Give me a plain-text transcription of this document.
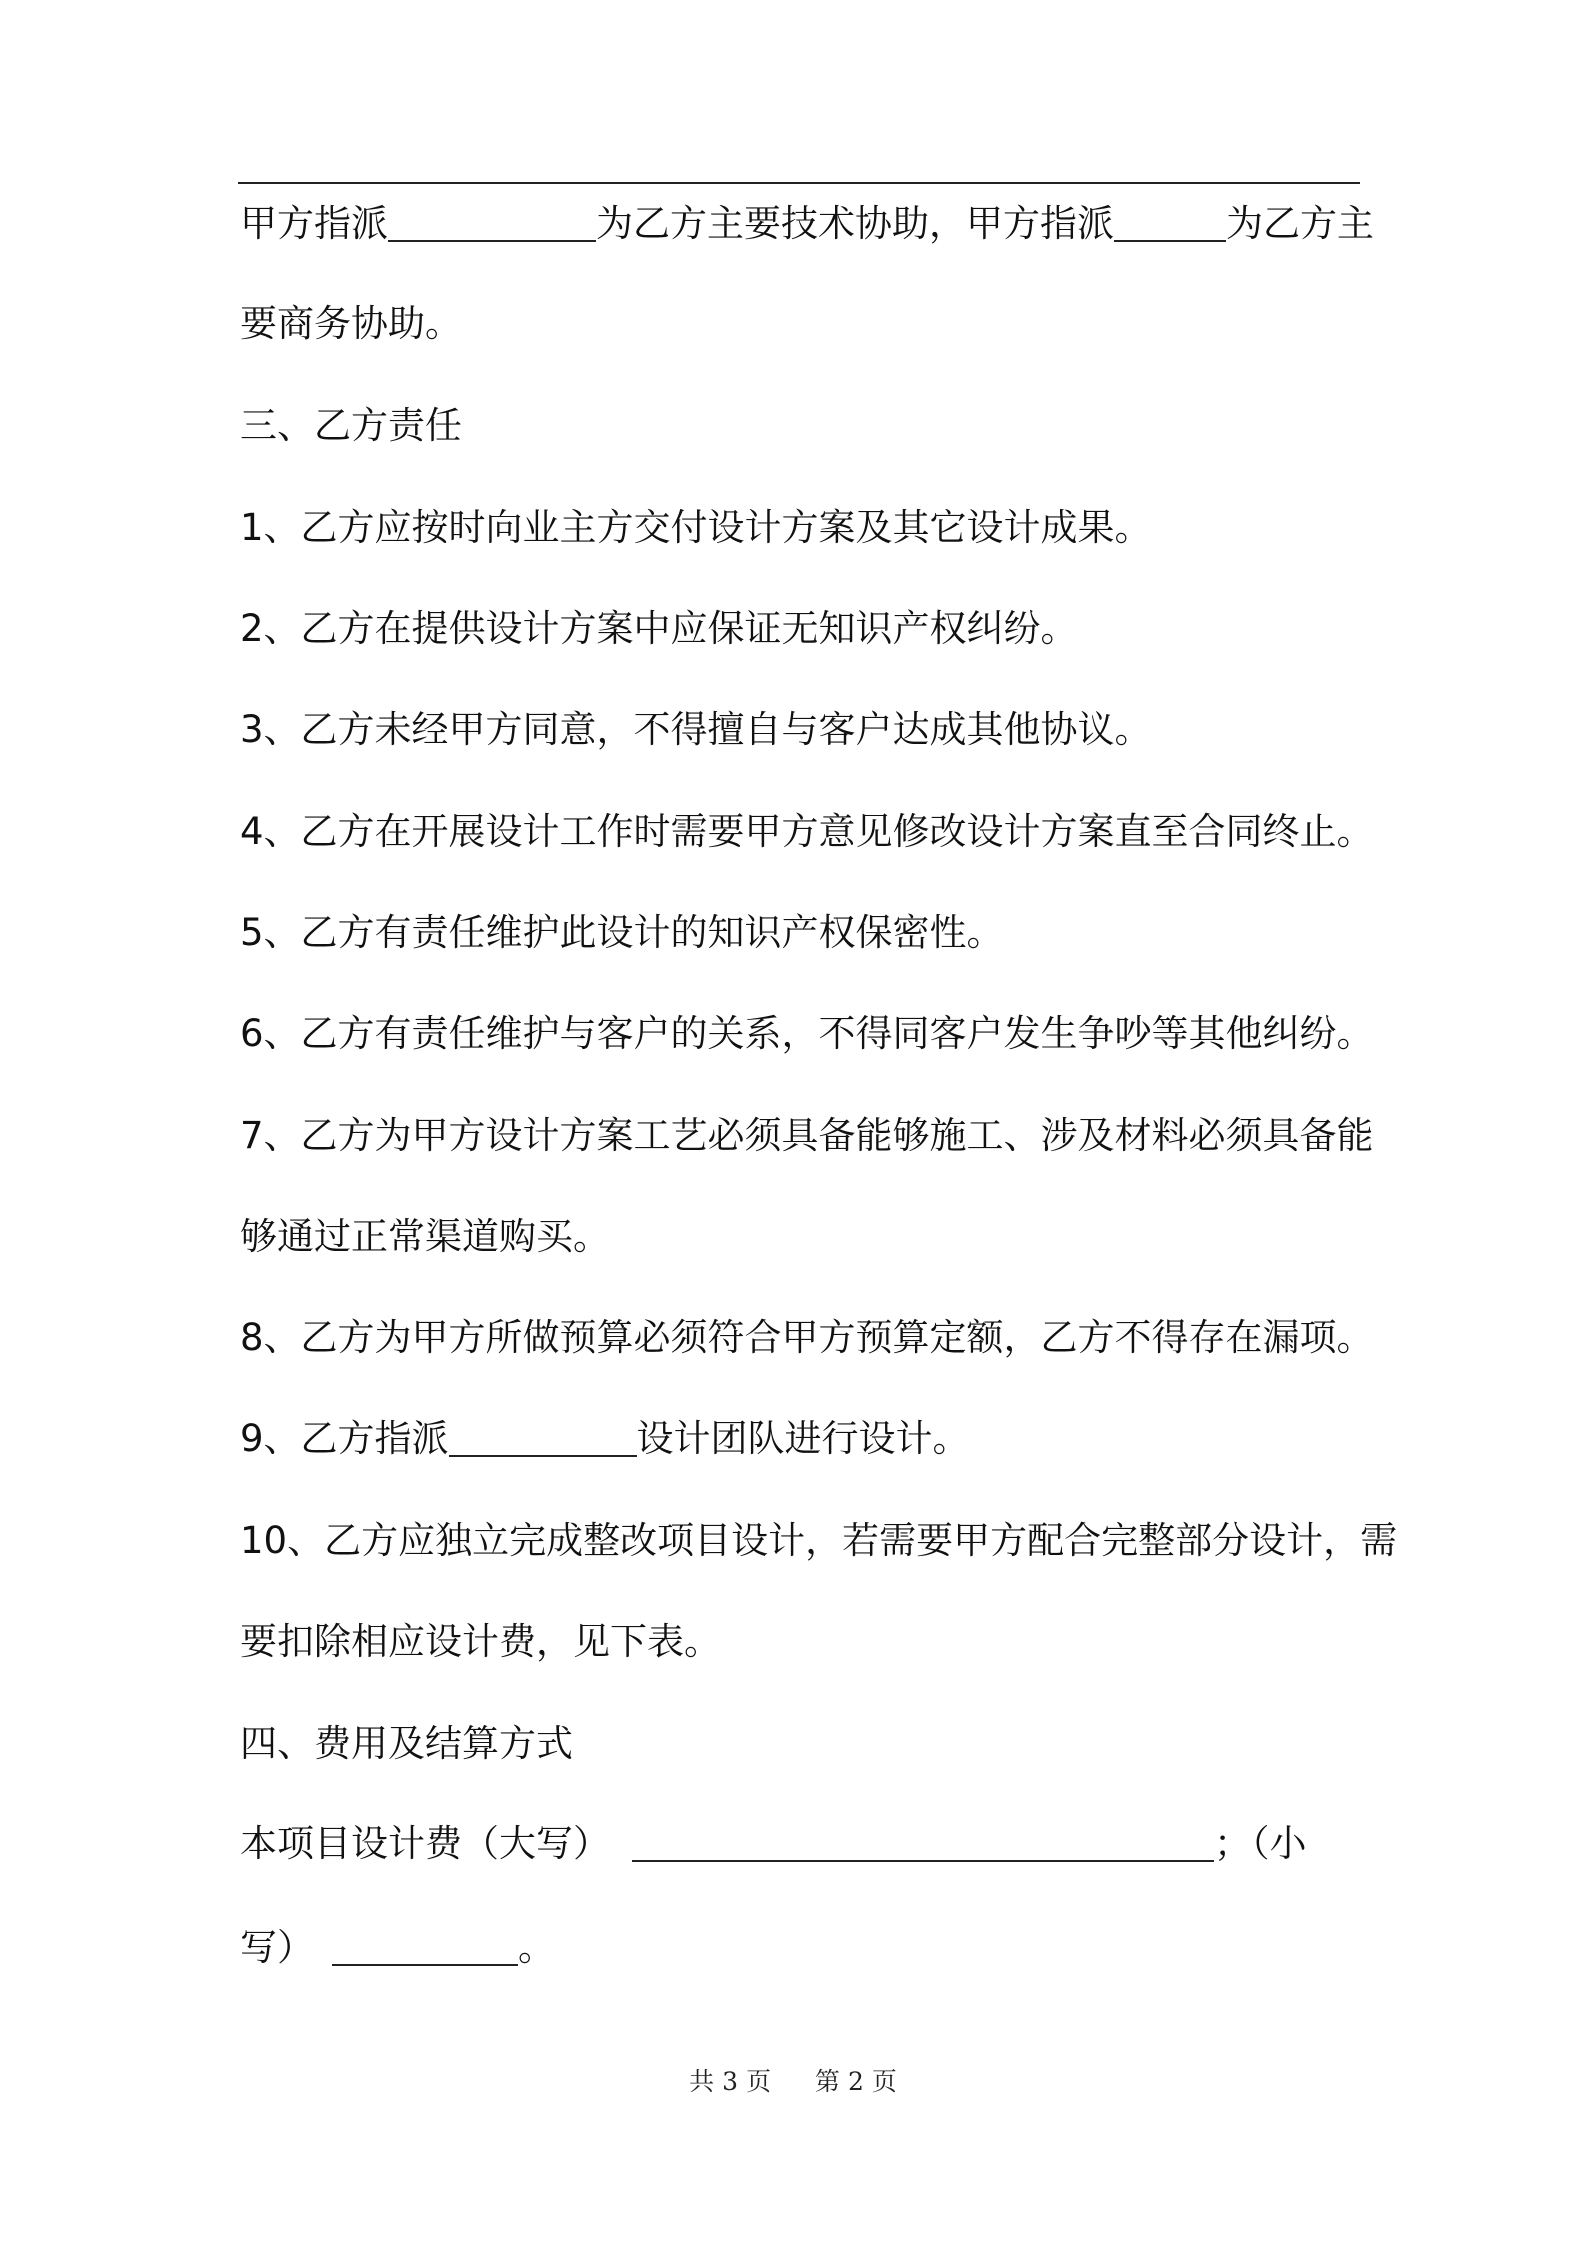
甲方指派	为乙方主要技术协助，甲方指派	为乙方主
要商务协助。
三、乙方责任
1、乙方应按时向业主方交付设计方案及其它设计成果。
2、乙方在提供设计方案中应保证无知识产权纠纷。
3、乙方未经甲方同意，不得擅自与客户达成其他协议。
4、乙方在开展设计工作时需要甲方意见修改设计方案直至合同终止。
5、乙方有责任维护此设计的知识产权保密性。
6、乙方有责任维护与客户的关系，不得同客户发生争吵等其他纠纷。
7、乙方为甲方设计方案工艺必须具备能够施工、涉及材料必须具备能
够通过正常渠道购买。
8、乙方为甲方所做预算必须符合甲方预算定额，乙方不得存在漏项。
9、乙方指派	设计团队进行设计。
10、乙方应独立完成整改项目设计，若需要甲方配合完整部分设计，需
要扣除相应设计费，见下表。
四、费用及结算方式
本项目设计费（大写）	；（小
写）	。
共 3 页 第 2 页
